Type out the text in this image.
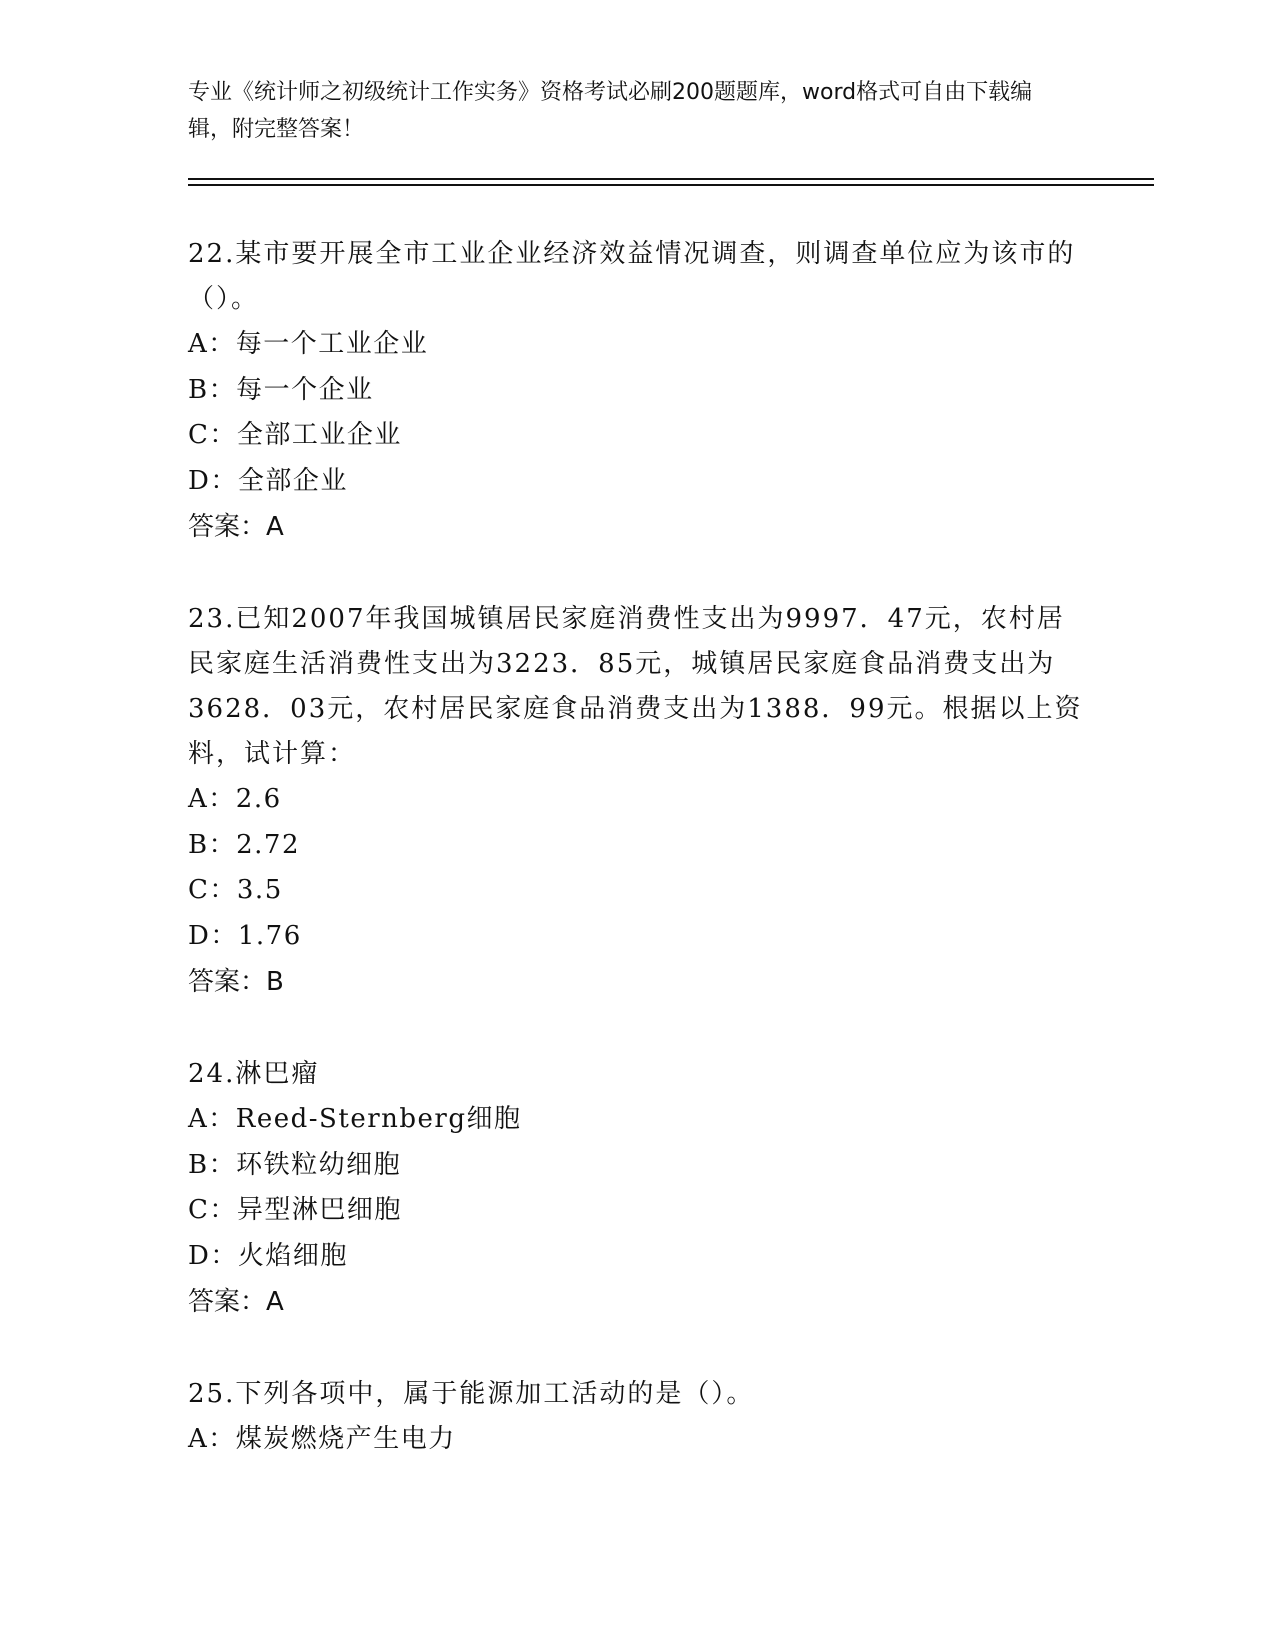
专业《统计师之初级统计工作实务》资格考试必刷200题题库，word格式可自由下载编辑，附完整答案！
22.某市要开展全市工业企业经济效益情况调查，则调查单位应为该市的（）。
A：每一个工业企业
B：每一个企业
C：全部工业企业
D：全部企业
答案：A
23.已知2007年我国城镇居民家庭消费性支出为9997．47元，农村居民家庭生活消费性支出为3223．85元，城镇居民家庭食品消费支出为3628．03元，农村居民家庭食品消费支出为1388．99元。根据以上资料，试计算：
A：2.6
B：2.72
C：3.5
D：1.76
答案：B
24.淋巴瘤
A：Reed-Sternberg细胞
B：环铁粒幼细胞
C：异型淋巴细胞
D：火焰细胞
答案：A
25.下列各项中，属于能源加工活动的是（）。
A：煤炭燃烧产生电力
